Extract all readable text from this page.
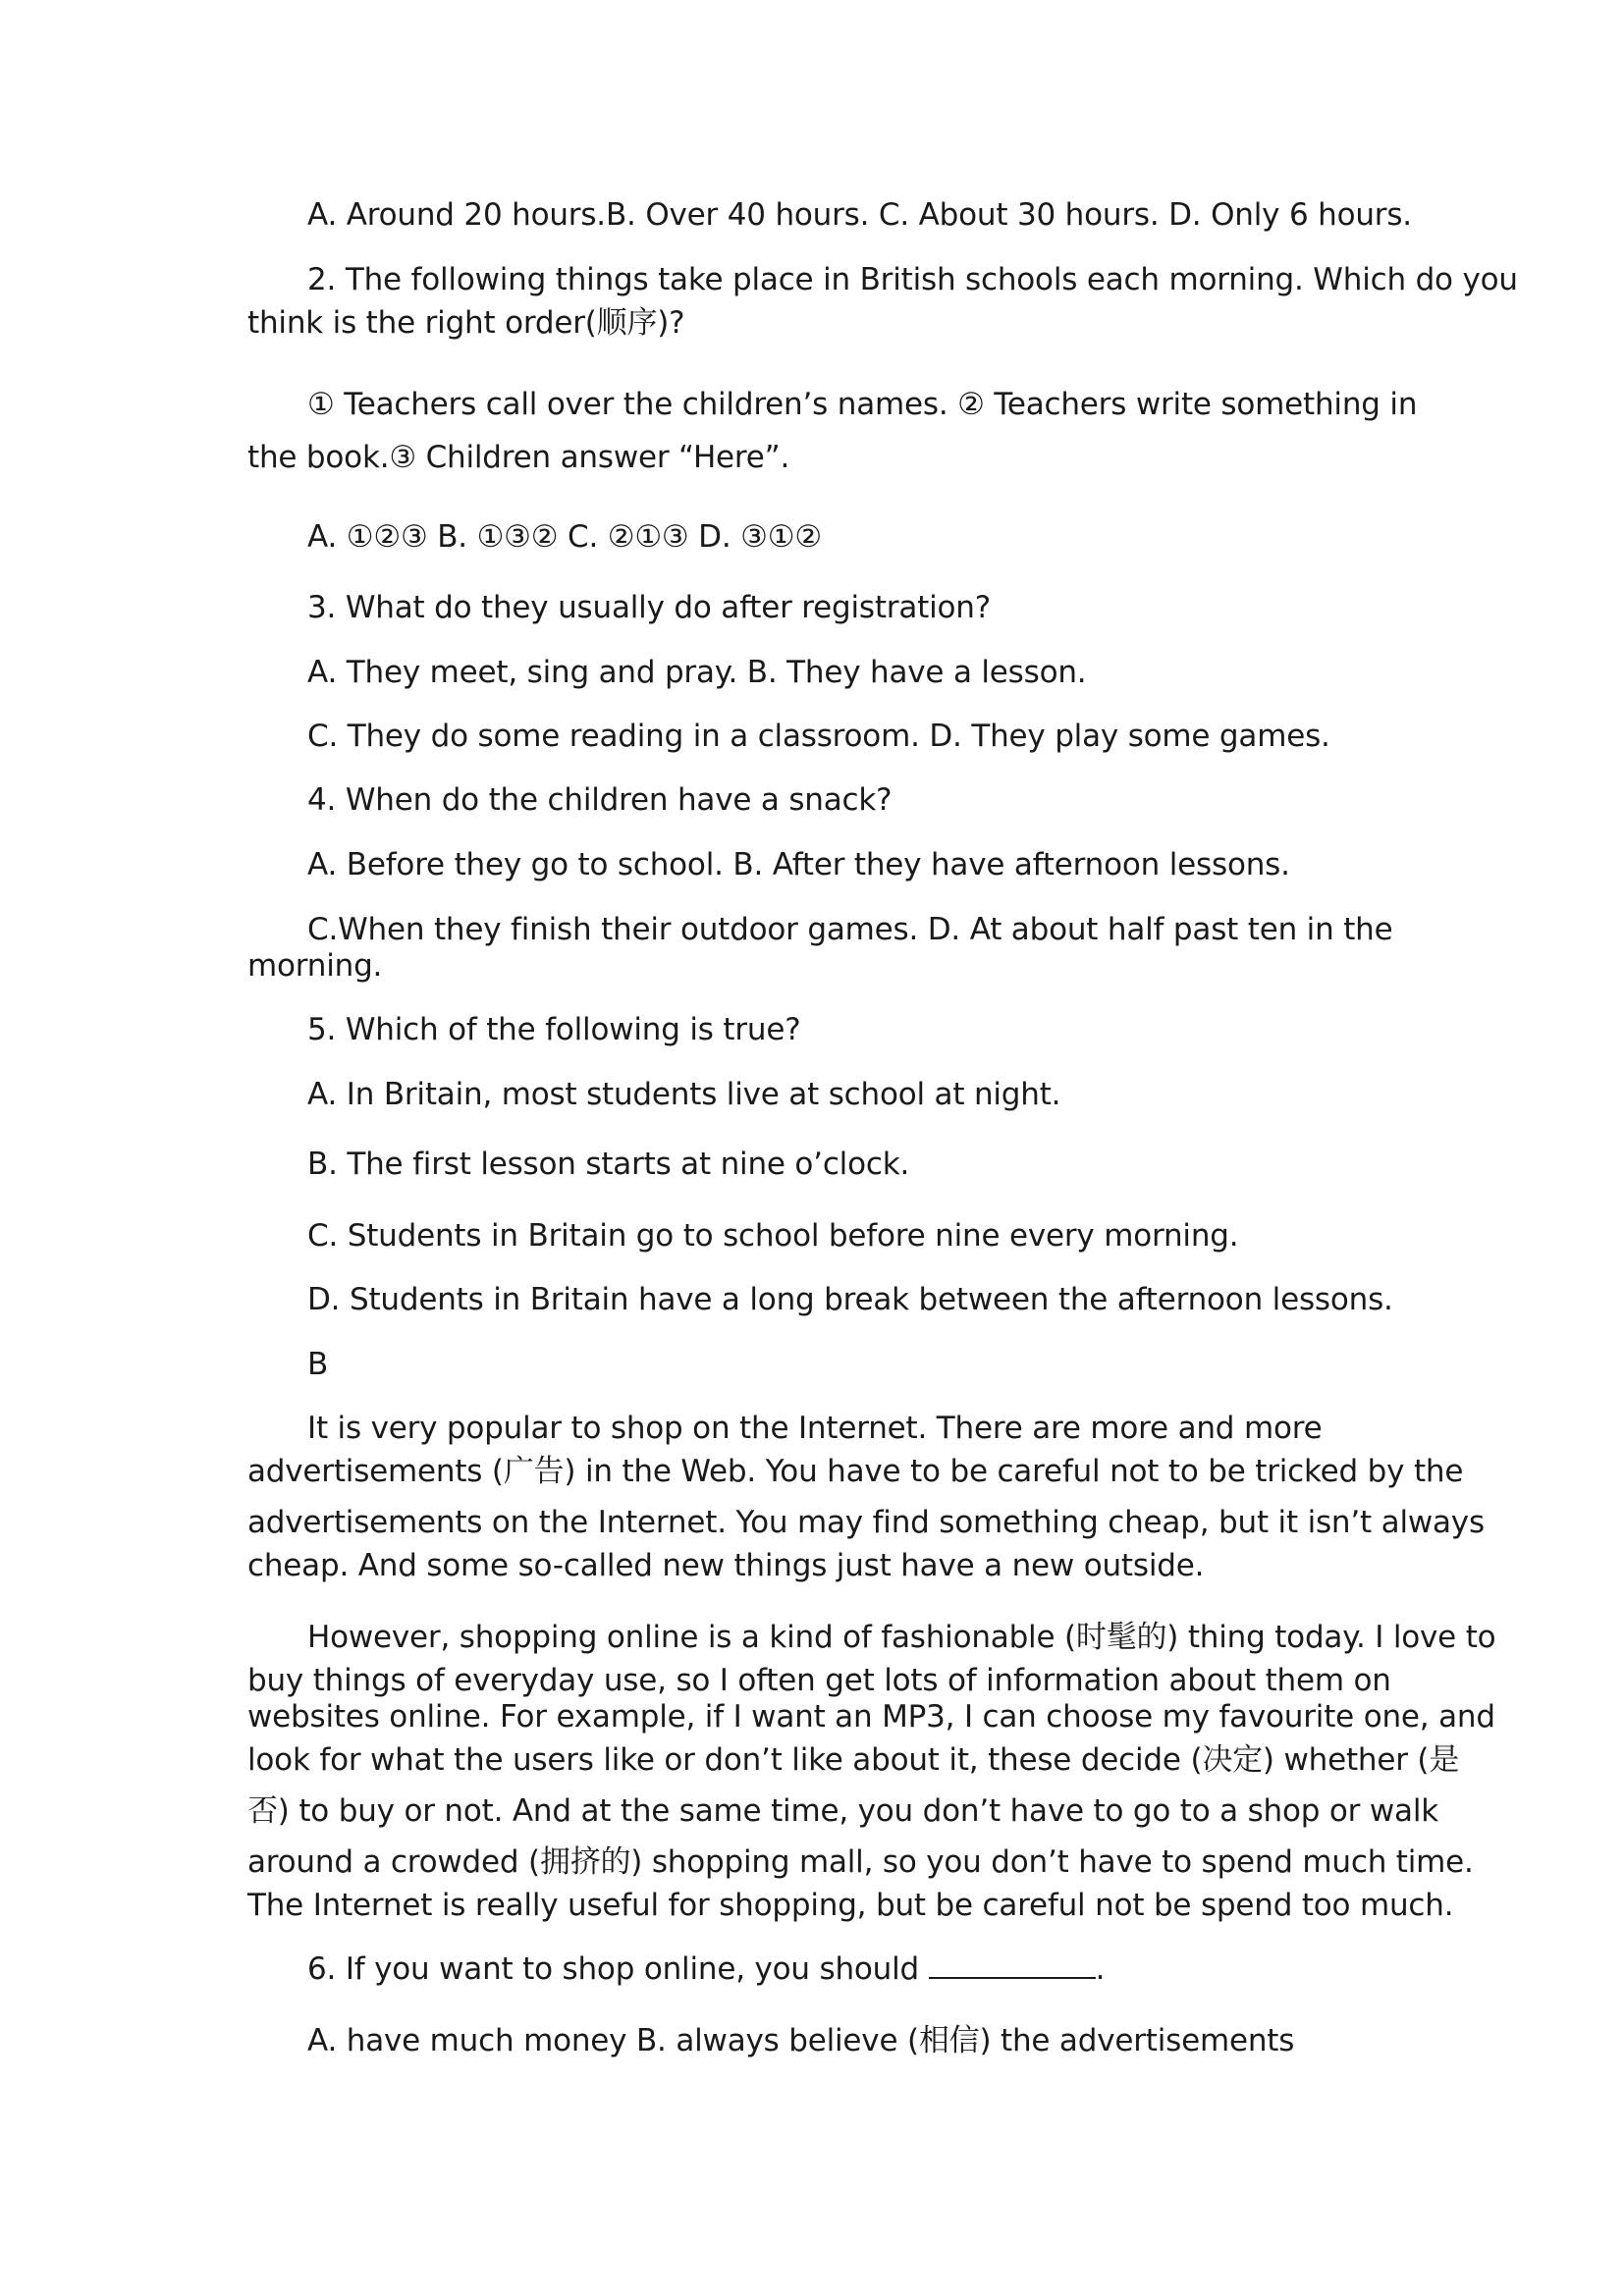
A. Around 20 hours.B. Over 40 hours. C. About 30 hours. D. Only 6 hours.
2. The following things take place in British schools each morning. Which do you
think is the right order(顺序)?
① Teachers call over the children’s names. ② Teachers write something in
the book.③ Children answer “Here”.
A. ①②③ B. ①③② C. ②①③ D. ③①②
3. What do they usually do after registration?
A. They meet, sing and pray. B. They have a lesson.
C. They do some reading in a classroom. D. They play some games.
4. When do the children have a snack?
A. Before they go to school. B. After they have afternoon lessons.
C.When they finish their outdoor games. D. At about half past ten in the
morning.
5. Which of the following is true?
A. In Britain, most students live at school at night.
B. The first lesson starts at nine o’clock.
C. Students in Britain go to school before nine every morning.
D. Students in Britain have a long break between the afternoon lessons.
B
It is very popular to shop on the Internet. There are more and more
advertisements (广告) in the Web. You have to be careful not to be tricked by the
advertisements on the Internet. You may find something cheap, but it isn’t always
cheap. And some so-called new things just have a new outside.
However, shopping online is a kind of fashionable (时髦的) thing today. I love to
buy things of everyday use, so I often get lots of information about them on
websites online. For example, if I want an MP3, I can choose my favourite one, and
look for what the users like or don’t like about it, these decide (决定) whether (是
否) to buy or not. And at the same time, you don’t have to go to a shop or walk
around a crowded (拥挤的) shopping mall, so you don’t have to spend much time.
The Internet is really useful for shopping, but be careful not be spend too much.
6. If you want to shop online, you should	.
A. have much money B. always believe (相信) the advertisements
